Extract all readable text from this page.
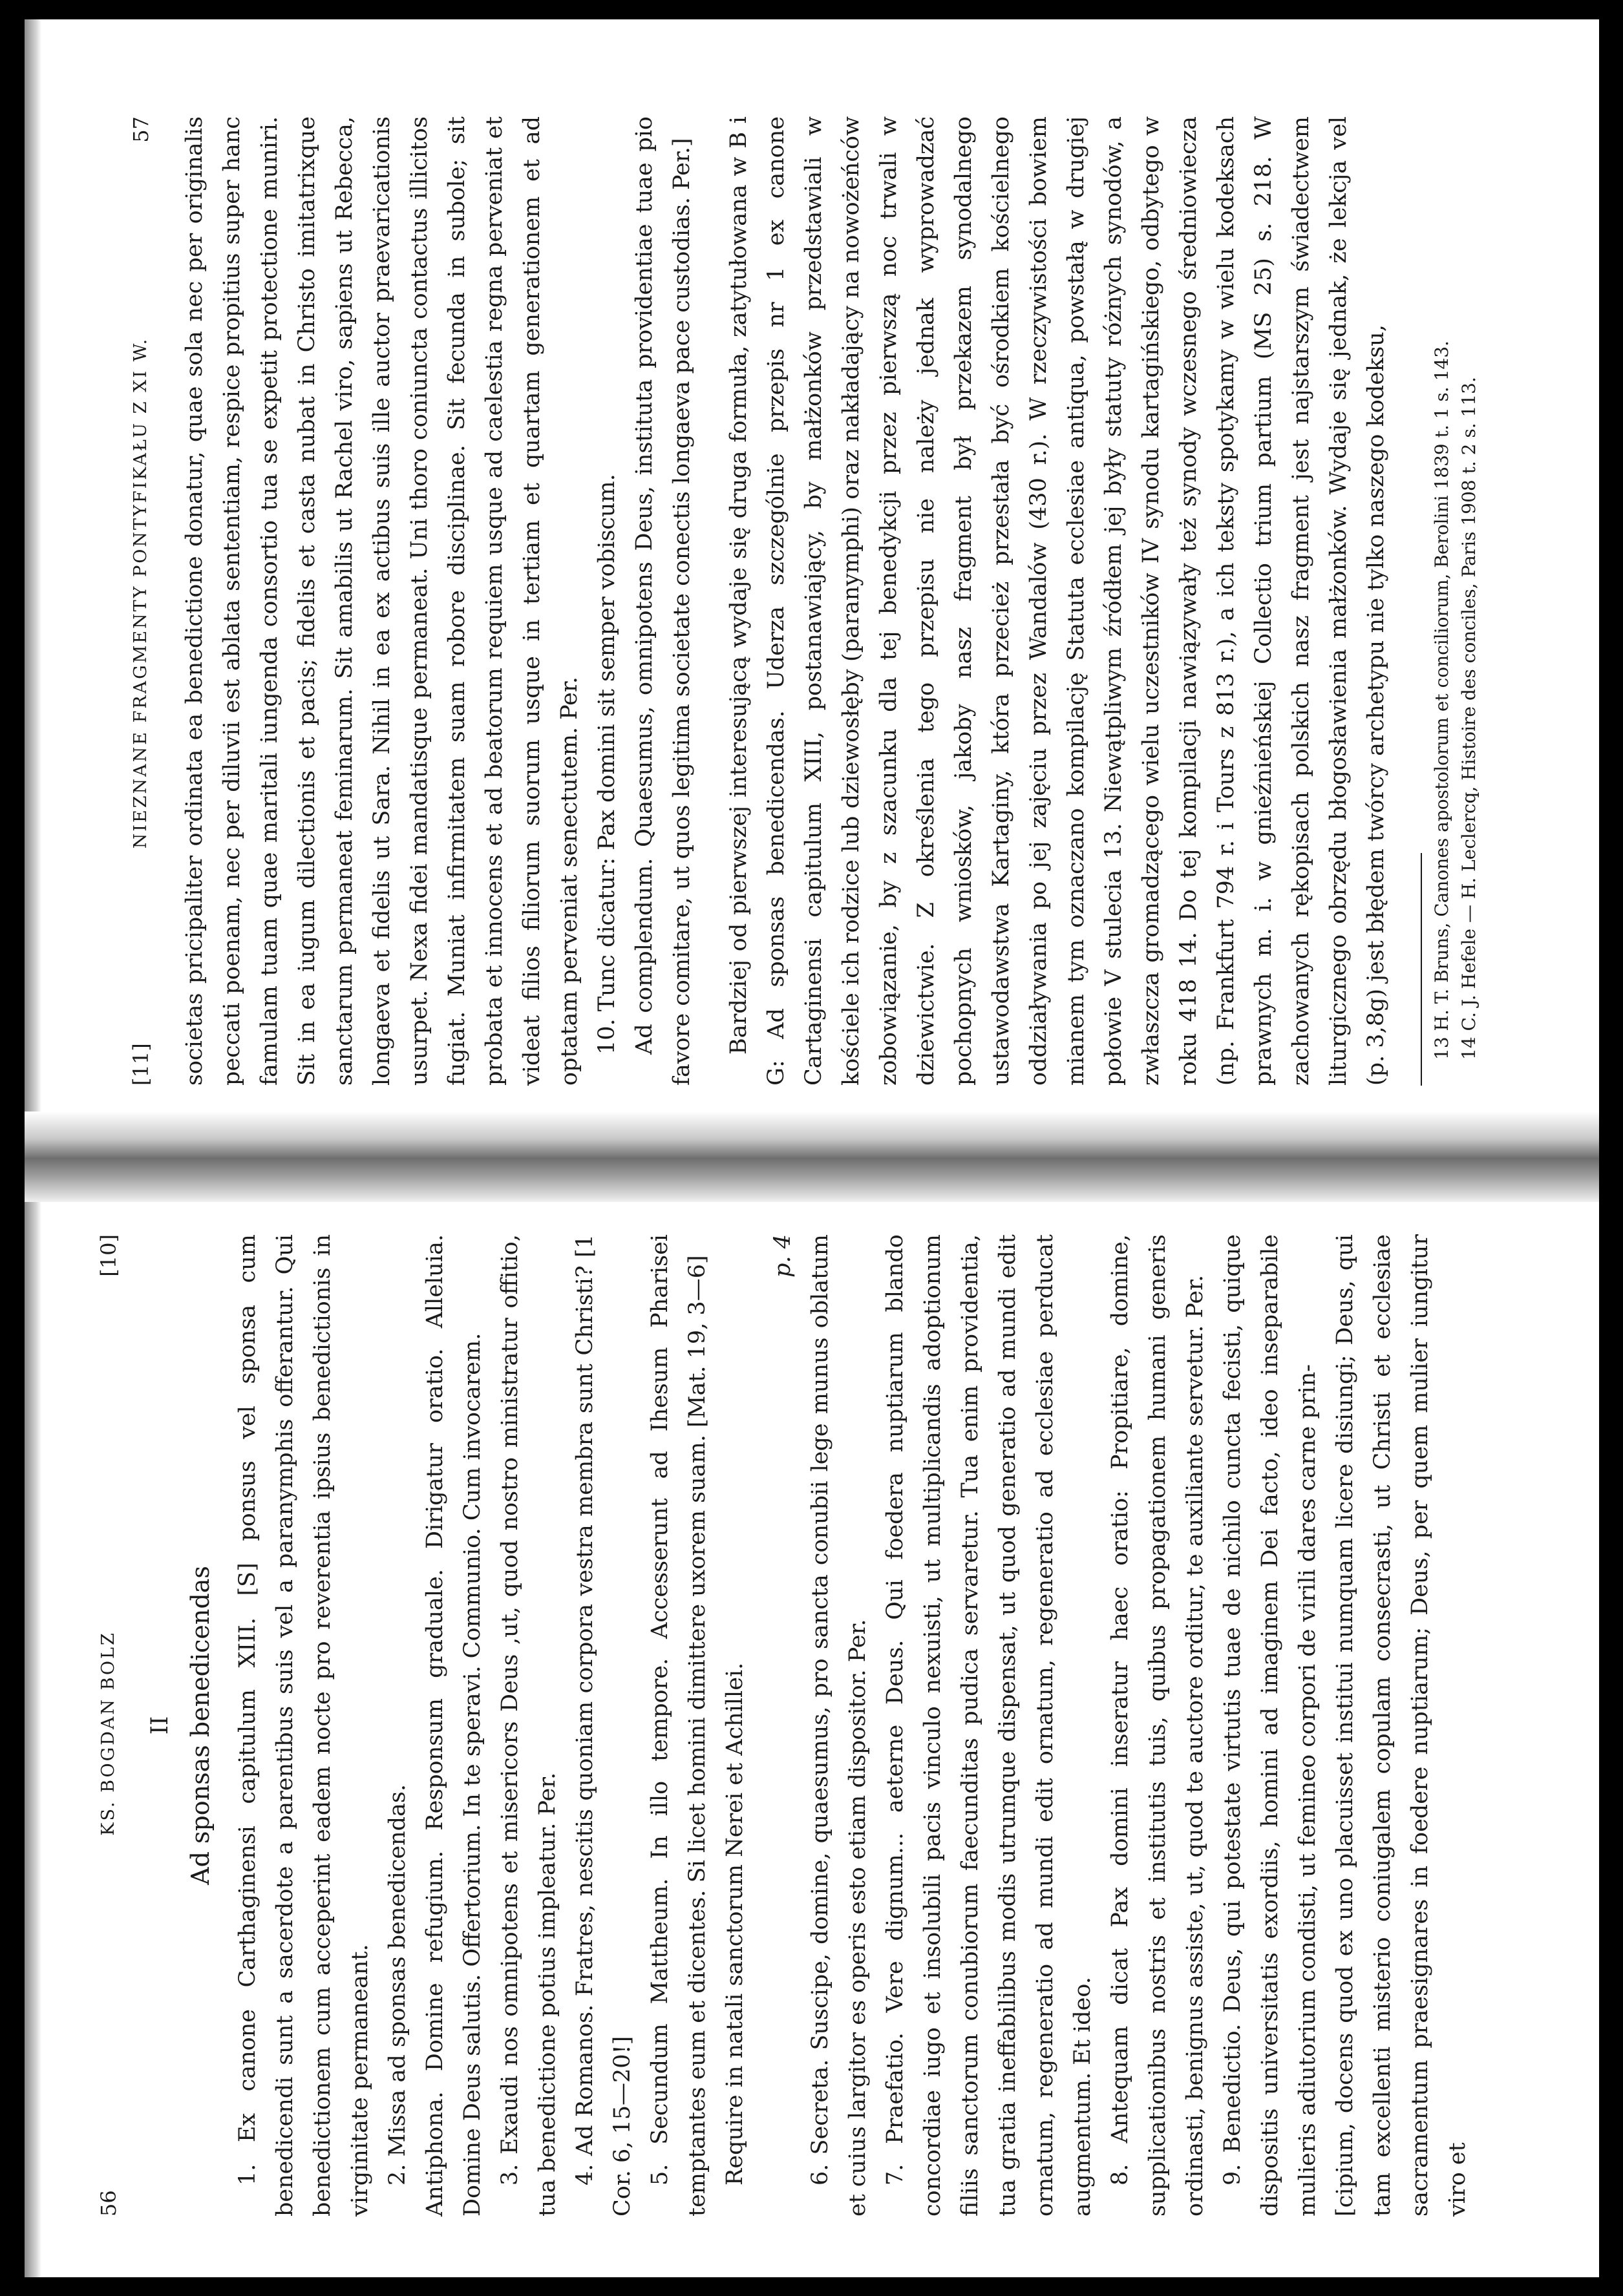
56
KS. BOGDAN BOLZ
[10]
II Ad sponsas benedicendas 1. Ex canone Carthaginensi capitulum XIII. [S] ponsus vel sponsa cum benedicendi sunt a sacerdote a parentibus suis vel a paranymphis offerantur. Qui benedictionem cum acceperint eadem nocte pro reverentia ipsius benedictionis in virginitate permaneant. 2. Missa ad sponsas benedicendas. Antiphona. Domine refugium. Responsum graduale. Dirigatur oratio. Alleluia. Domine Deus salutis. Offertorium. In te speravi. Communio. Cum invocarem. 3. Exaudi nos omnipotens et misericors Deus ,ut, quod nostro ministratur offitio, tua benedictione potius impleatur. Per. 4. Ad Romanos. Fratres, nescitis quoniam corpora vestra membra sunt Christi? [1 Cor. 6, 15—20!] 5. Secundum Mattheum. In illo tempore. Accesserunt ad Ihesum Pharisei temptantes eum et dicentes. Si licet homini dimittere uxorem suam. [Mat. 19, 3—6] Require in natali sanctorum Nerei et Achillei.

p. 4 6. Secreta. Suscipe, domine, quaesumus, pro sancta conubii lege munus oblatum et cuius largitor es operis esto etiam dispositor. Per. 7. Praefatio. Vere dignum... aeterne Deus. Qui foedera nuptiarum blando concordiae iugo et insolubili pacis vinculo nexuisti, ut multiplicandis adoptionum filiis sanctorum conubiorum faecunditas pudica servaretur. Tua enim providentia, tua gratia ineffabilibus modis utrumque dispensat, ut quod generatio ad mundi edit ornatum, regeneratio ad mundi edit ornatum, regeneratio ad ecclesiae perducat augmentum. Et ideo. 8. Antequam dicat Pax domini inseratur haec oratio: Propitiare, domine, supplicationibus nostris et institutis tuis, quibus propagationem humani generis ordinasti, benignus assiste, ut, quod te auctore orditur, te auxiliante servetur. Per. 9. Benedictio. Deus, qui potestate virtutis tuae de nichilo cuncta fecisti, quique dispositis universitatis exordiis, homini ad imaginem Dei facto, ideo inseparabile mulieris adiutorium condisti, ut femineo corpori de virili dares carne prin- [cipium, docens quod ex uno placuisset institui numquam licere disiungi; Deus, qui tam excellenti misterio coniugalem copulam consecrasti, ut Christi et ecclesiae sacramentum praesignares in foedere nuptiarum; Deus, per quem mulier iungitur viro et

[11]
NIEZNANE FRAGMENTY PONTYFIKAŁU Z XI W.
57 societas pricipaliter ordinata ea benedictione donatur, quae sola nec per originalis peccati poenam, nec per diluvii est ablata sententiam, respice propitius super hanc famulam tuam quae maritali iungenda consortio tua se expetit protectione muniri. Sit in ea iugum dilectionis et pacis; fidelis et casta nubat in Christo imitatrixque sanctarum permaneat feminarum. Sit amabilis ut Rachel viro, sapiens ut Rebecca, longaeva et fidelis ut Sara. Nihil in ea ex actibus suis ille auctor praevaricationis usurpet. Nexa fidei mandatisque permaneat. Uni thoro coniuncta contactus illicitos fugiat. Muniat infirmitatem suam robore disciplinae. Sit fecunda in subole; sit probata et innocens et ad beatorum requiem usque ad caelestia regna perveniat et videat filios filiorum suorum usque in tertiam et quartam generationem et ad optatam perveniat senectutem. Per. 10. Tunc dicatur: Pax domini sit semper vobiscum. Ad complendum. Quaesumus, omnipotens Deus, instituta providentiae tuae pio favore comitare, ut quos legitima societate conectis longaeva pace custodias. Per.] Bardziej od pierwszej interesującą wydaje się druga formuła, zatytułowana w B i G: Ad sponsas benedicendas. Uderza szczególnie przepis nr 1 ex canone Cartaginensi capitulum XIII, postanawiający, by małżonków przedstawiali w kościele ich rodzice lub dziewosłęby (paranymphi) oraz nakładający na nowożeńców zobowiązanie, by z szacunku dla tej benedykcji przez pierwszą noc trwali w dziewictwie. Z określenia tego przepisu nie należy jednak wyprowadzać pochopnych wniosków, jakoby nasz fragment był przekazem synodalnego ustawodawstwa Kartaginy, która przecież przestała być ośrodkiem kościelnego oddziaływania po jej zajęciu przez Wandalów (430 r.). W rzeczywistości bowiem mianem tym oznaczano kompilację Statuta ecclesiae antiqua, powstałą w drugiej połowie V stulecia 13. Niewątpliwym źródłem jej były statuty różnych synodów, a zwłaszcza gromadzącego wielu uczestników IV synodu kartagińskiego, odbytego w roku 418 14. Do tej kompilacji nawiązywały też synody wczesnego średniowiecza (np. Frankfurt 794 r. i Tours z 813 r.), a ich teksty spotykamy w wielu kodeksach prawnych m. i. w gnieźnieńskiej Collectio trium partium (MS 25) s. 218. W zachowanych rękopisach polskich nasz fragment jest najstarszym świadectwem liturgicznego obrzędu błogosławienia małżonków. Wydaje się jednak, że lekcja vel (p. 3,8g) jest błędem twórcy archetypu nie tylko naszego kodeksu,	13 H. T. Bruns, Canones apostolorum et conciliorum, Berolini 1839 t. 1 s. 143. 14 C. J. Hefele — H. Leclercq, Histoire des conciles, Paris 1908 t. 2 s. 113.
